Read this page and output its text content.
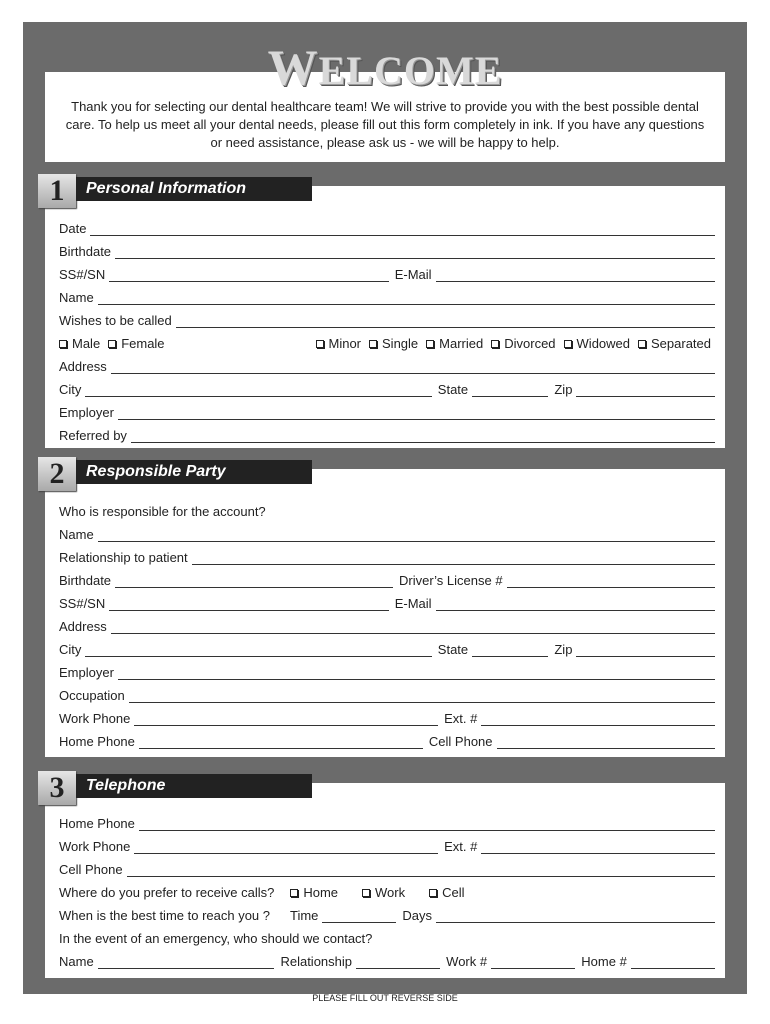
WELCOME
Thank you for selecting our dental healthcare team! We will strive to provide you with the best possible dental care. To help us meet all your dental needs, please fill out this form completely in ink. If you have any questions or need assistance, please ask us - we will be happy to help.
1	Personal Information
Date
Birthdate
SS#/SN	E-Mail
Name
Wishes to be called
Male	Female	Minor	Single	Married	Divorced	Widowed	Separated
Address
City	State	Zip
Employer
Referred by
2	Responsible Party
Who is responsible for the account?
Name
Relationship to patient
Birthdate	Driver’s License #
SS#/SN	E-Mail
Address
City	State	Zip
Employer
Occupation
Work Phone	Ext. #
Home Phone	Cell Phone
3	Telephone
Home Phone
Work Phone	Ext. #
Cell Phone
Where do you prefer to receive calls?	Home	Work	Cell
When is the best time to reach you ?	Time	Days
In the event of an emergency, who should we contact?
Name	Relationship	Work #	Home #
PLEASE FILL OUT REVERSE SIDE
